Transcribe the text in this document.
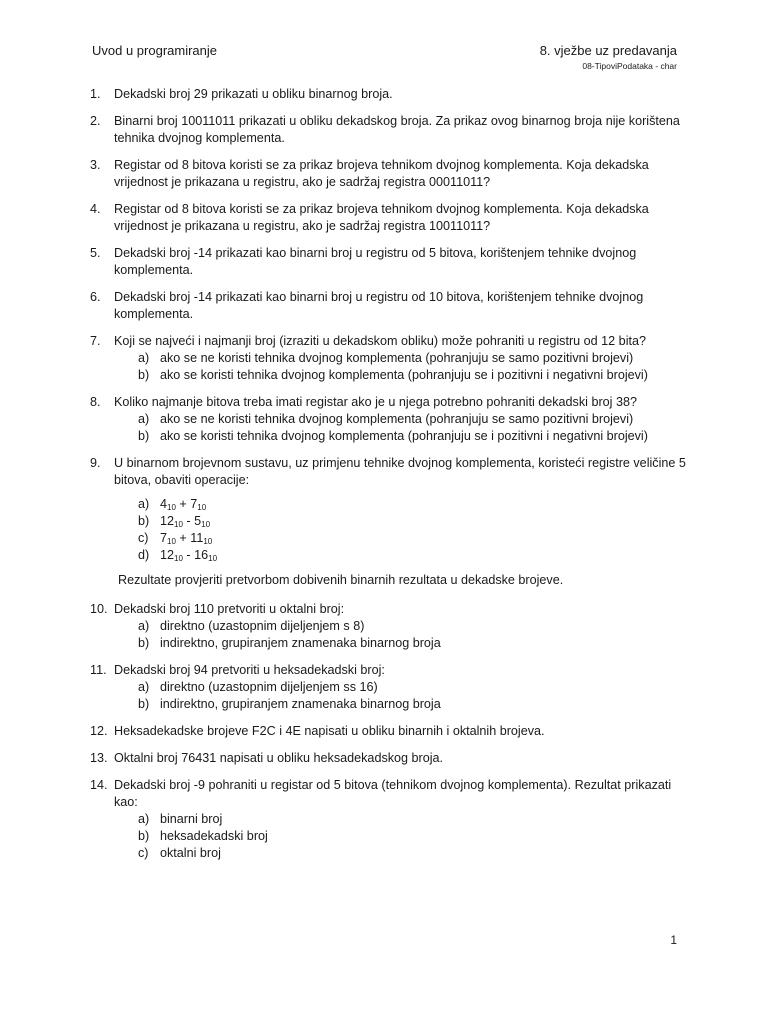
Uvod u programiranje	8. vježbe uz predavanja
08-TipoviPodataka - char
1.	Dekadski broj 29 prikazati u obliku binarnog broja.
2.	Binarni broj 10011011 prikazati u obliku dekadskog broja. Za prikaz ovog binarnog broja nije korištena tehnika dvojnog komplementa.
3.	Registar od 8 bitova koristi se za prikaz brojeva tehnikom dvojnog komplementa. Koja dekadska vrijednost je prikazana u registru, ako je sadržaj registra 00011011?
4.	Registar od 8 bitova koristi se za prikaz brojeva tehnikom dvojnog komplementa. Koja dekadska vrijednost je prikazana u registru, ako je sadržaj registra 10011011?
5.	Dekadski broj -14 prikazati kao binarni broj u registru od 5 bitova, korištenjem tehnike dvojnog komplementa.
6.	Dekadski broj -14 prikazati kao binarni broj u registru od 10 bitova, korištenjem tehnike dvojnog komplementa.
7.	Koji se najveći i najmanji broj (izraziti u dekadskom obliku) može pohraniti u registru od 12 bita?
a) ako se ne koristi tehnika dvojnog komplementa (pohranjuju se samo pozitivni brojevi)
b) ako se koristi tehnika dvojnog komplementa (pohranjuju se i pozitivni i negativni brojevi)
8.	Koliko najmanje bitova treba imati registar ako je u njega potrebno pohraniti dekadski broj 38?
a) ako se ne koristi tehnika dvojnog komplementa (pohranjuju se samo pozitivni brojevi)
b) ako se koristi tehnika dvojnog komplementa (pohranjuju se i pozitivni i negativni brojevi)
9.	U binarnom brojevnom sustavu, uz primjenu tehnike dvojnog komplementa, koristeći registre veličine 5 bitova, obaviti operacije:
a) $4_{10} + 7_{10}$
b) $12_{10} - 5_{10}$
c) $7_{10} + 11_{10}$
d) $12_{10} - 16_{10}$
Rezultate provjeriti pretvorbom dobivenih binarnih rezultata u dekadske brojeve.
10. Dekadski broj 110 pretvoriti u oktalni broj:
a) direktno (uzastopnim dijeljenjem s 8)
b) indirektno, grupiranjem znamenaka binarnog broja
11. Dekadski broj 94 pretvoriti u heksadekadski broj:
a) direktno (uzastopnim dijeljenjem ss 16)
b) indirektno, grupiranjem znamenaka binarnog broja
12. Heksadekadske brojeve F2C i 4E napisati u obliku binarnih i oktalnih brojeva.
13. Oktalni broj 76431 napisati u obliku heksadekadskog broja.
14. Dekadski broj -9 pohraniti u registar od 5 bitova (tehnikom dvojnog komplementa). Rezultat prikazati kao:
a) binarni broj
b) heksadekadski broj
c) oktalni broj
1
